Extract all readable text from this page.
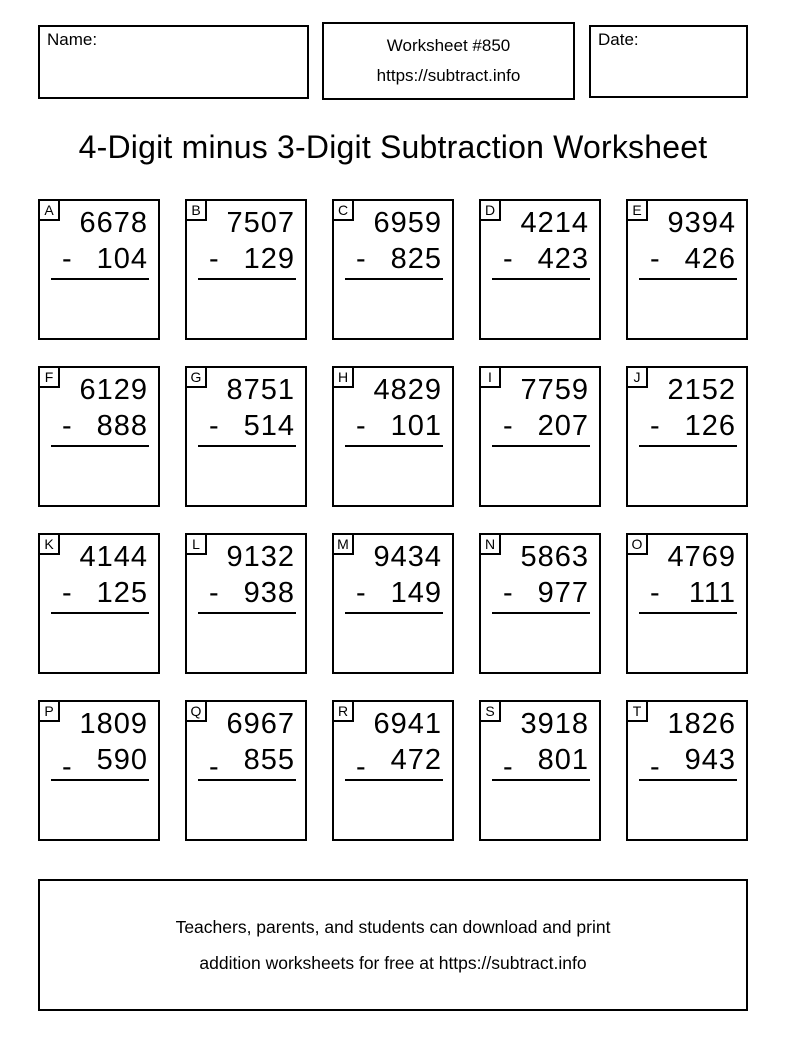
Name:	Worksheet #850
https://subtract.info
Date:
4-Digit minus 3-Digit Subtraction Worksheet
A 6678
- 104
B 7507
- 129
C 6959
- 825
D 4214
- 423
E 9394
- 426
F 6129
- 888
G 8751
- 514
H 4829
- 101
I 7759
- 207
J 2152
- 126
K 4144
- 125
L 9132
- 938
M 9434
- 149
N 5863
- 977
O 4769
- 111
P 1809
- 590
Q 6967
- 855
R 6941
- 472
S 3918
- 801
T 1826
- 943
Teachers, parents, and students can download and print
addition worksheets for free at https://subtract.info
